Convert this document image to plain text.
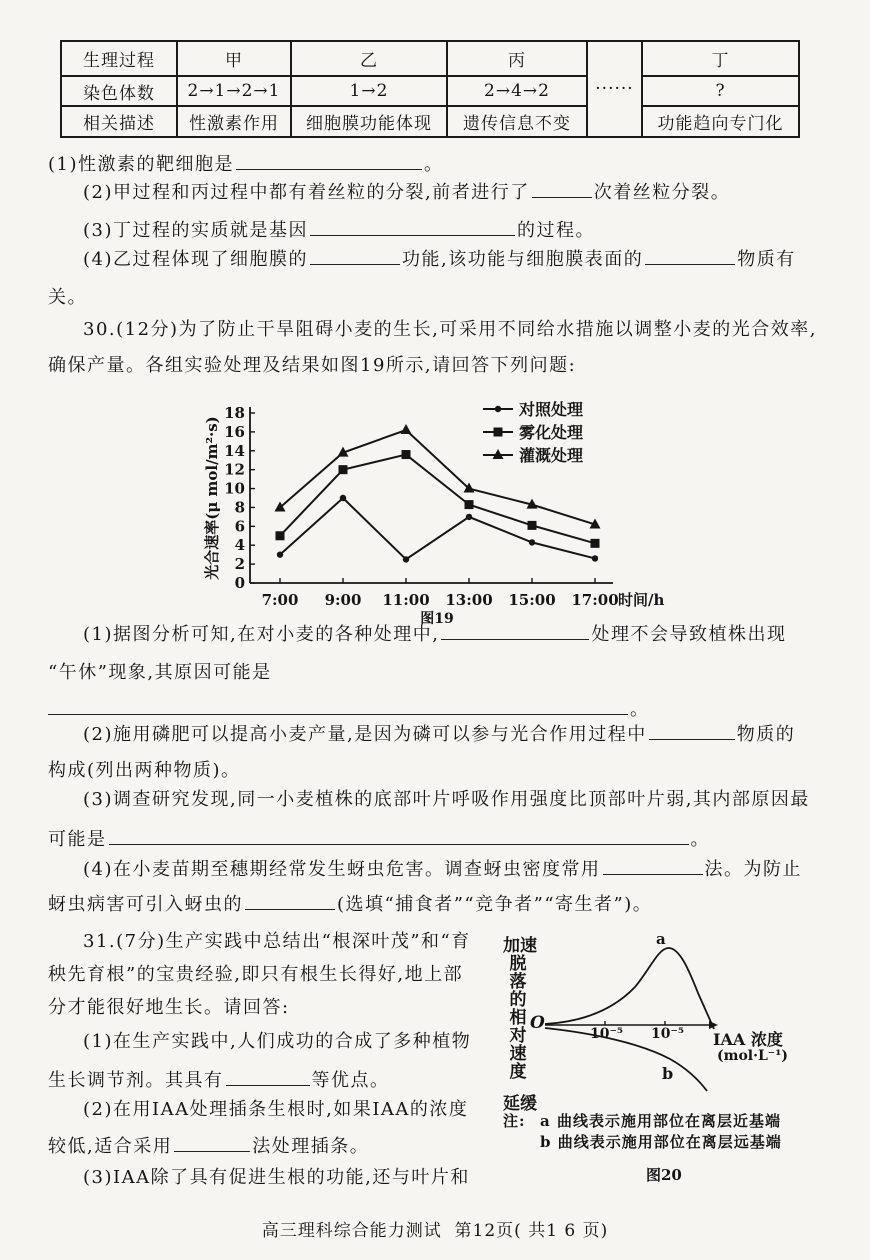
生理过程	甲	乙	丙	······	丁
染色体数	2→1→2→1	1→2	2→4→2		?
相关描述	性激素作用	细胞膜功能体现	遗传信息不变		功能趋向专门化
(1)性激素的靶细胞是	。
(2)甲过程和丙过程中都有着丝粒的分裂,前者进行了	次着丝粒分裂。
(3)丁过程的实质就是基因	的过程。
(4)乙过程体现了细胞膜的	功能,该功能与细胞膜表面的	物质有
关。
30.(12分)为了防止干旱阻碍小麦的生长,可采用不同给水措施以调整小麦的光合效率,
确保产量。各组实验处理及结果如图19所示,请回答下列问题:
0
2
4
6
8
10
12
14
16
18
7:00 9:00 11:00 13:00 15:00 17:00 时间/h
光合速率(μ mol/m²·s)
图19
对照处理
雾化处理
灌溉处理
(1)据图分析可知,在对小麦的各种处理中,	处理不会导致植株出现
“午休”现象,其原因可能是
。
(2)施用磷肥可以提高小麦产量,是因为磷可以参与光合作用过程中	物质的
构成(列出两种物质)。
(3)调查研究发现,同一小麦植株的底部叶片呼吸作用强度比顶部叶片弱,其内部原因最
可能是	。
(4)在小麦苗期至穗期经常发生蚜虫危害。调查蚜虫密度常用	法。为防止
蚜虫病害可引入蚜虫的	(选填“捕食者”“竞争者”“寄生者”)。
31.(7分)生产实践中总结出“根深叶茂”和“育
秧先育根”的宝贵经验,即只有根生长得好,地上部
分才能很好地生长。请回答:
(1)在生产实践中,人们成功的合成了多种植物
生长调节剂。其具有	等优点。
(2)在用IAA处理插条生根时,如果IAA的浓度
较低,适合采用	法处理插条。
(3)IAA除了具有促进生根的功能,还与叶片和
加速
脱落的相对速度
O
延缓
a
b
10⁻⁵ 10⁻⁵ IAA 浓度
(mol·L⁻¹)
注: a 曲线表示施用部位在离层近基端
b 曲线表示施用部位在离层远基端
图20
高三理科综合能力测试  第12页( 共1 6 页)
